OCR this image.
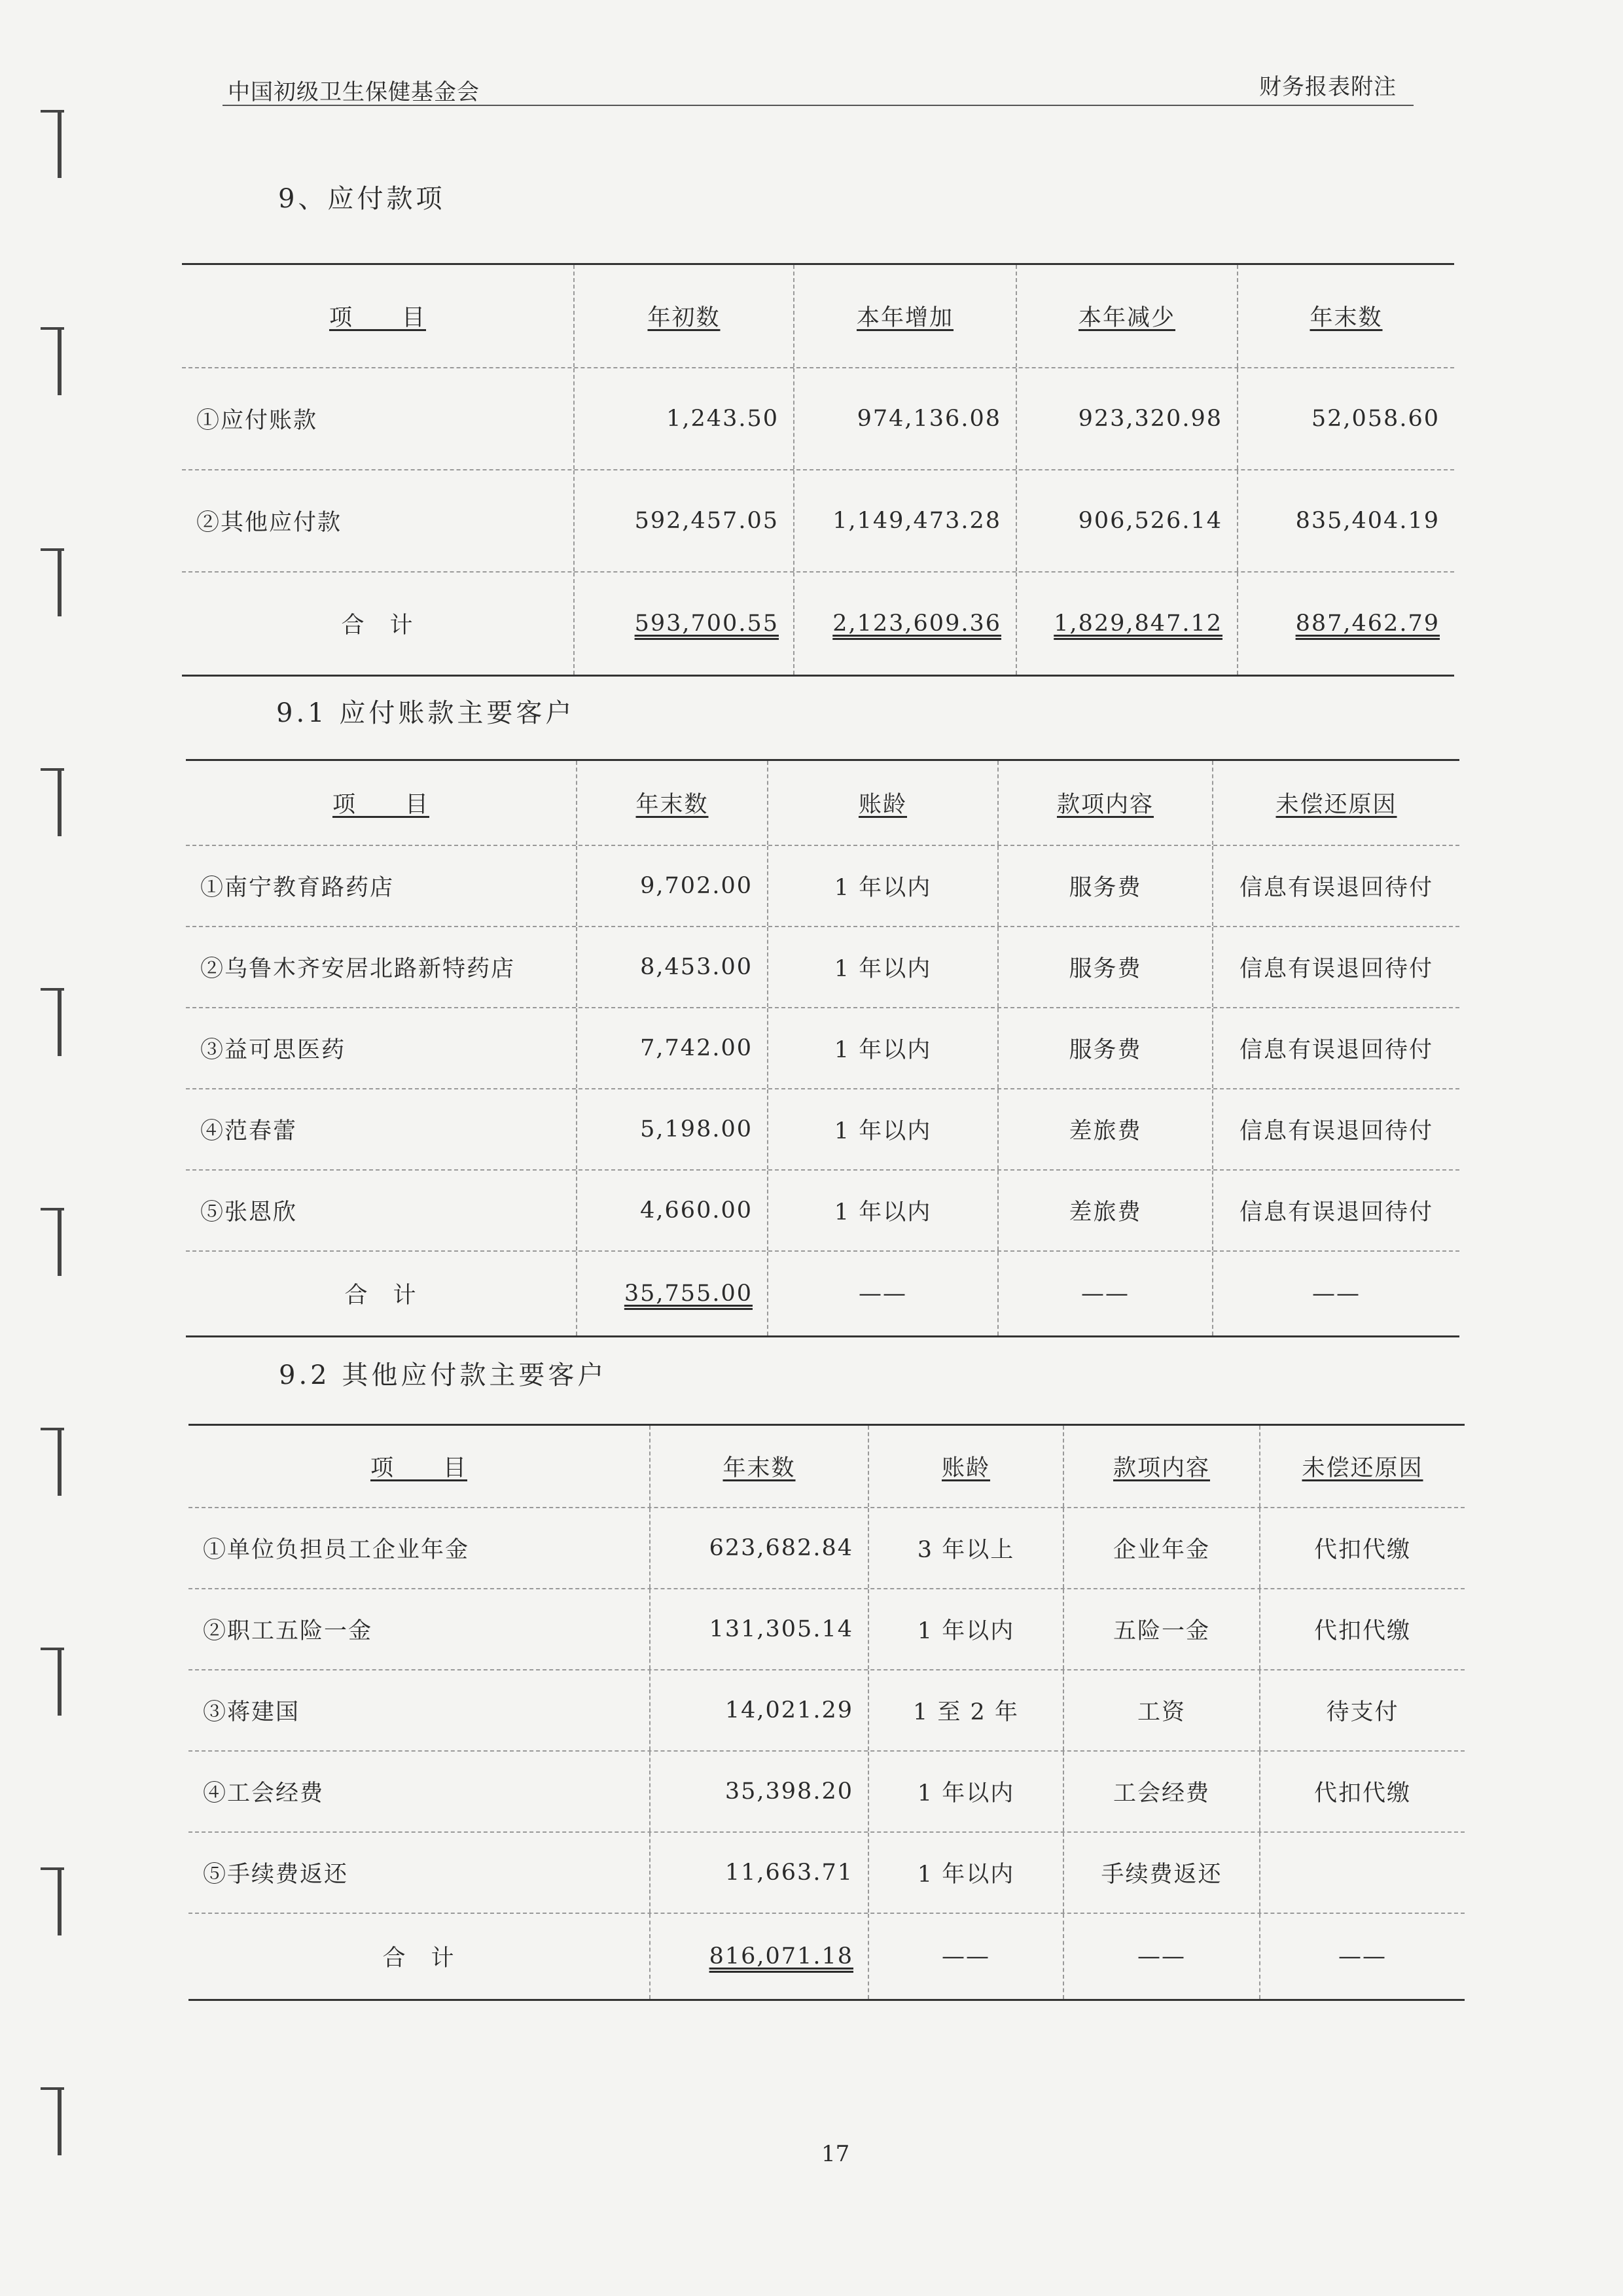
中国初级卫生保健基金会	财务报表附注
9、应付款项
项　　目	年初数	本年增加	本年减少	年末数
①应付账款	1,243.50	974,136.08	923,320.98	52,058.60
②其他应付款	592,457.05	1,149,473.28	906,526.14	835,404.19
合　计	593,700.55	2,123,609.36	1,829,847.12	887,462.79
9.1 应付账款主要客户
项　　目	年末数	账龄	款项内容	未偿还原因
①南宁教育路药店	9,702.00	1 年以内	服务费	信息有误退回待付
②乌鲁木齐安居北路新特药店	8,453.00	1 年以内	服务费	信息有误退回待付
③益可思医药	7,742.00	1 年以内	服务费	信息有误退回待付
④范春蕾	5,198.00	1 年以内	差旅费	信息有误退回待付
⑤张恩欣	4,660.00	1 年以内	差旅费	信息有误退回待付
合　计	35,755.00	——	——	——
9.2 其他应付款主要客户
项　　目	年末数	账龄	款项内容	未偿还原因
①单位负担员工企业年金	623,682.84	3 年以上	企业年金	代扣代缴
②职工五险一金	131,305.14	1 年以内	五险一金	代扣代缴
③蒋建国	14,021.29	1 至 2 年	工资	待支付
④工会经费	35,398.20	1 年以内	工会经费	代扣代缴
⑤手续费返还	11,663.71	1 年以内	手续费返还
合　计	816,071.18	——	——	——
17
